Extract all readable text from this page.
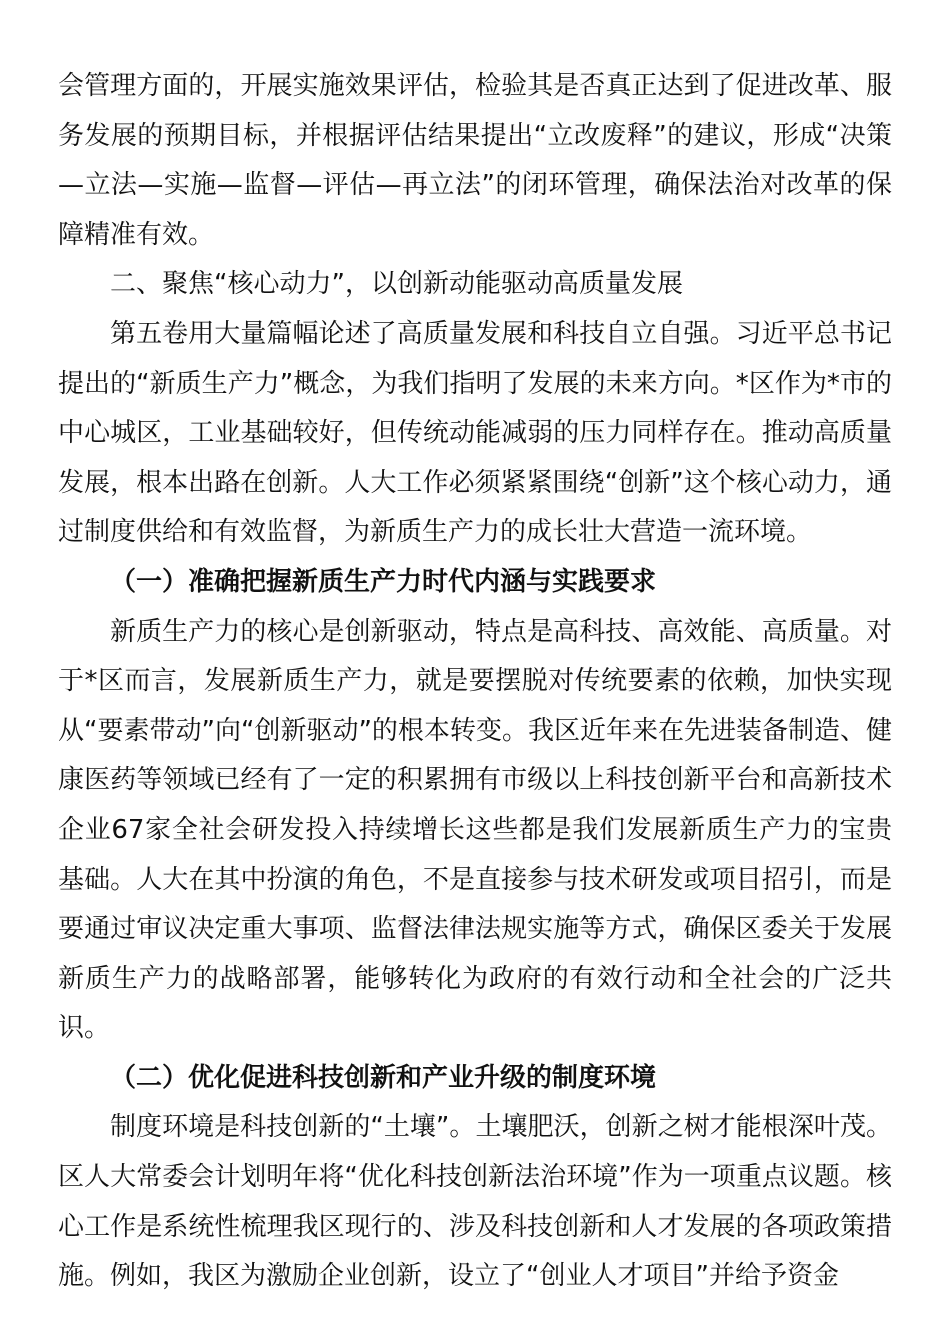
会管理方面的，开展实施效果评估，检验其是否真正达到了促进改革、服务发展的预期目标，并根据评估结果提出“立改废释”的建议，形成“决策—立法—实施—监督—评估—再立法”的闭环管理，确保法治对改革的保障精准有效。

二、聚焦“核心动力”，以创新动能驱动高质量发展

第五卷用大量篇幅论述了高质量发展和科技自立自强。习近平总书记提出的“新质生产力”概念，为我们指明了发展的未来方向。*区作为*市的中心城区，工业基础较好，但传统动能减弱的压力同样存在。推动高质量发展，根本出路在创新。人大工作必须紧紧围绕“创新”这个核心动力，通过制度供给和有效监督，为新质生产力的成长壮大营造一流环境。

（一）准确把握新质生产力时代内涵与实践要求

新质生产力的核心是创新驱动，特点是高科技、高效能、高质量。对于*区而言，发展新质生产力，就是要摆脱对传统要素的依赖，加快实现从“要素带动”向“创新驱动”的根本转变。我区近年来在先进装备制造、健康医药等领域已经有了一定的积累拥有市级以上科技创新平台和高新技术企业67家全社会研发投入持续增长这些都是我们发展新质生产力的宝贵基础。人大在其中扮演的角色，不是直接参与技术研发或项目招引，而是要通过审议决定重大事项、监督法律法规实施等方式，确保区委关于发展新质生产力的战略部署，能够转化为政府的有效行动和全社会的广泛共识。

（二）优化促进科技创新和产业升级的制度环境

制度环境是科技创新的“土壤”。土壤肥沃，创新之树才能根深叶茂。区人大常委会计划明年将“优化科技创新法治环境”作为一项重点议题。核心工作是系统性梳理我区现行的、涉及科技创新和人才发展的各项政策措施。例如，我区为激励企业创新，设立了“创业人才项目”并给予资金
